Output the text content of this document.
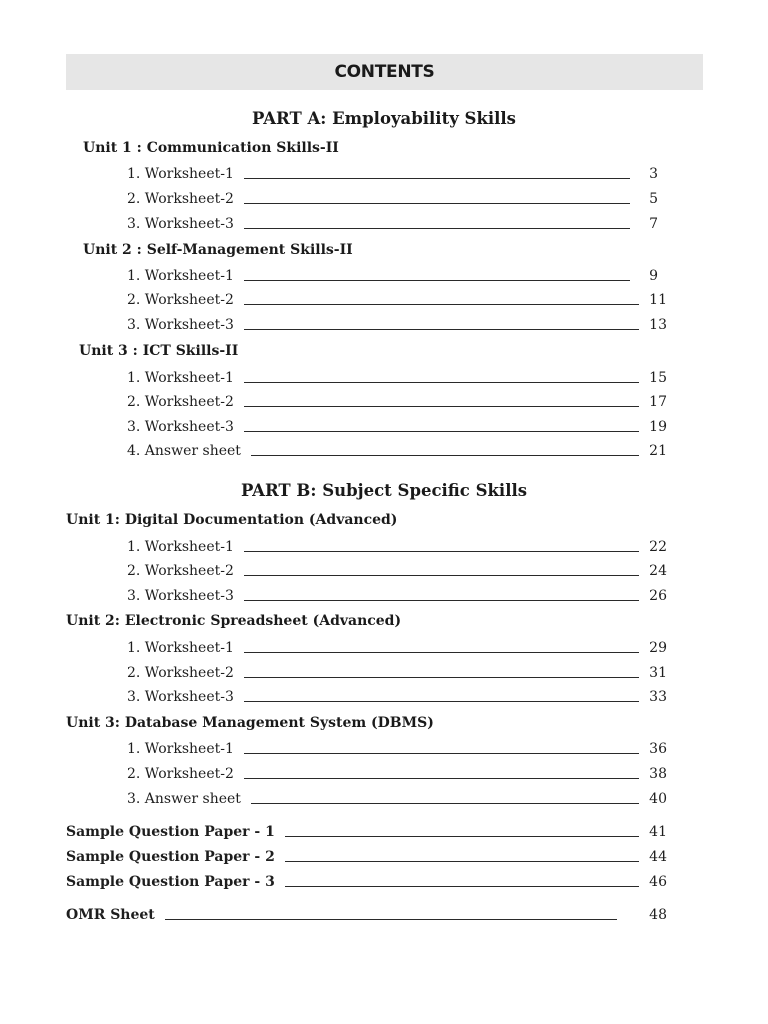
CONTENTS
PART A: Employability Skills
Unit 1 : Communication Skills-II
1. Worksheet-1	3
2. Worksheet-2	5
3. Worksheet-3	7
Unit 2 : Self-Management Skills-II
1. Worksheet-1	9
2. Worksheet-2	11
3. Worksheet-3	13
Unit 3 : ICT Skills-II
1. Worksheet-1	15
2. Worksheet-2	17
3. Worksheet-3	19
4. Answer sheet	21
PART B: Subject Specific Skills
Unit 1: Digital Documentation (Advanced)
1. Worksheet-1	22
2. Worksheet-2	24
3. Worksheet-3	26
Unit 2: Electronic Spreadsheet (Advanced)
1. Worksheet-1	29
2. Worksheet-2	31
3. Worksheet-3	33
Unit 3: Database Management System (DBMS)
1. Worksheet-1	36
2. Worksheet-2	38
3. Answer sheet	40
Sample Question Paper - 1	41
Sample Question Paper - 2	44
Sample Question Paper - 3	46
OMR Sheet	48
